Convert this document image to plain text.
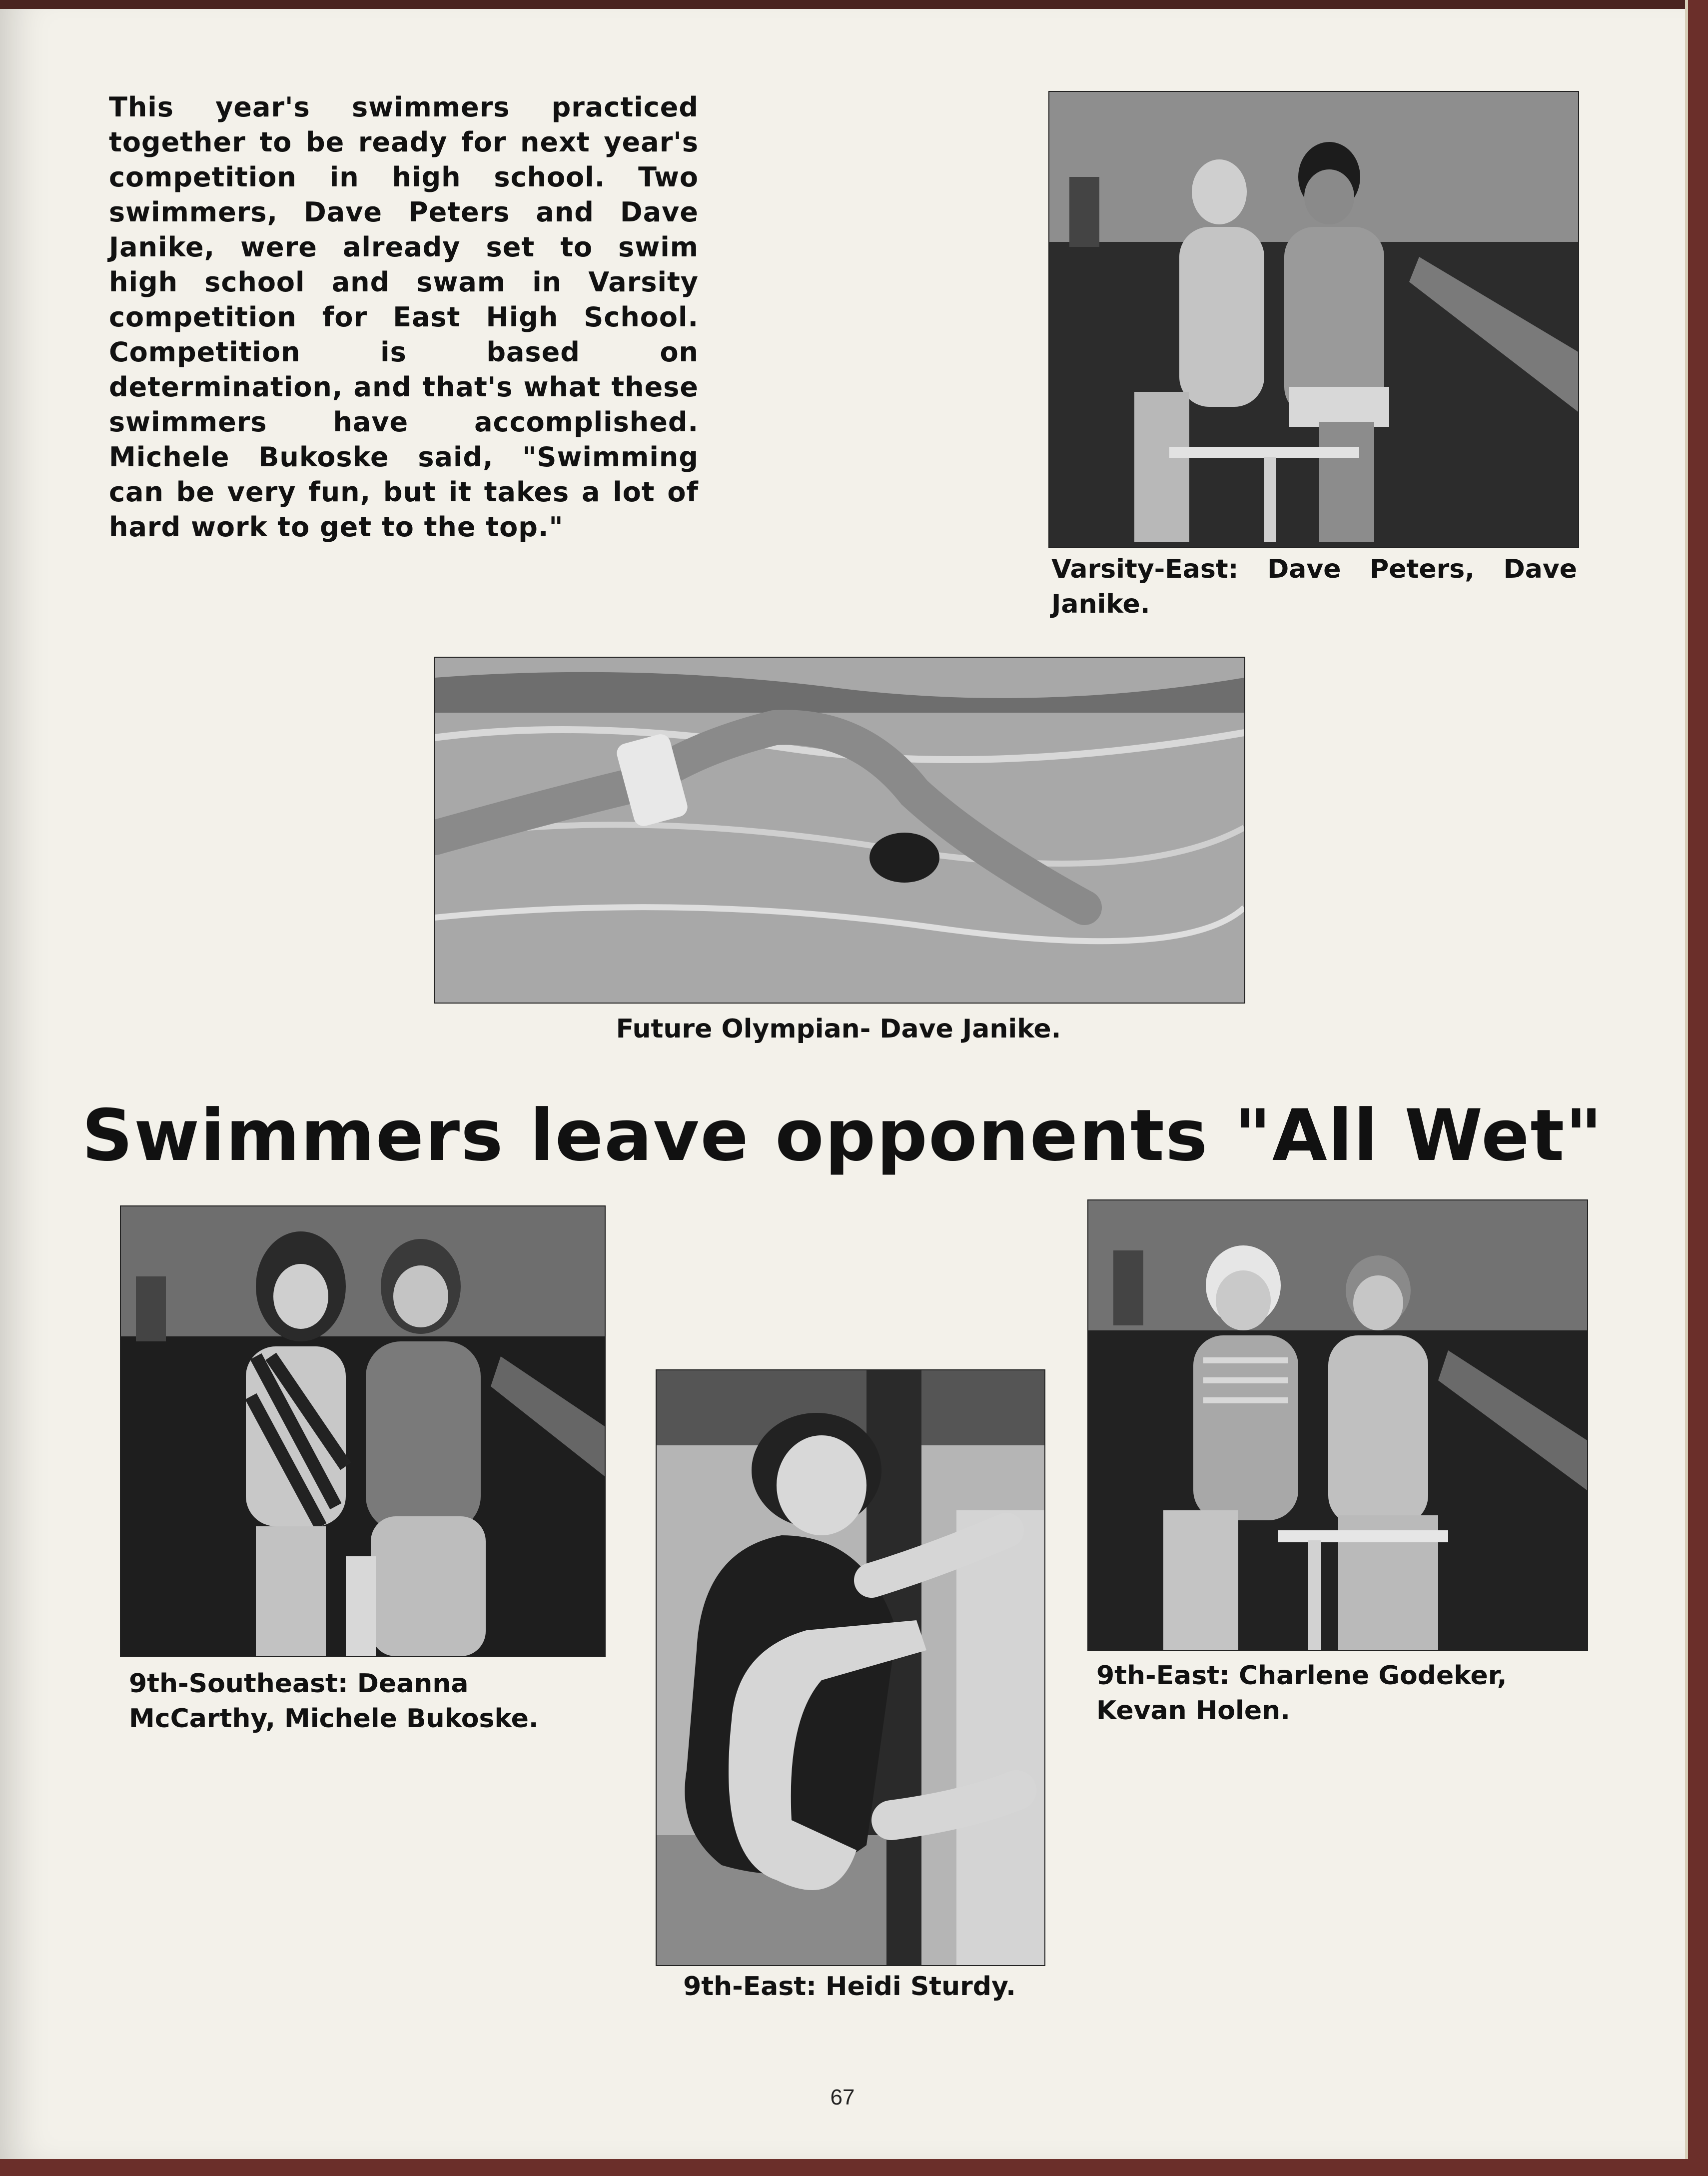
This year's swimmers practiced together to be ready for next year's competition in high school. Two swimmers, Dave Peters and Dave Janike, were already set to swim high school and swam in Varsity competition for East High School. Competition is based on determination, and that's what these swimmers have accomplished. Michele Bukoske said, "Swimming can be very fun, but it takes a lot of hard work to get to the top."

Varsity-East: Dave Peters, Dave Janike.

Future Olympian- Dave Janike.

Swimmers leave opponents "All Wet"

9th-Southeast: Deanna McCarthy, Michele Bukoske.

9th-East: Heidi Sturdy.

9th-East: Charlene Godeker, Kevan Holen.

67
